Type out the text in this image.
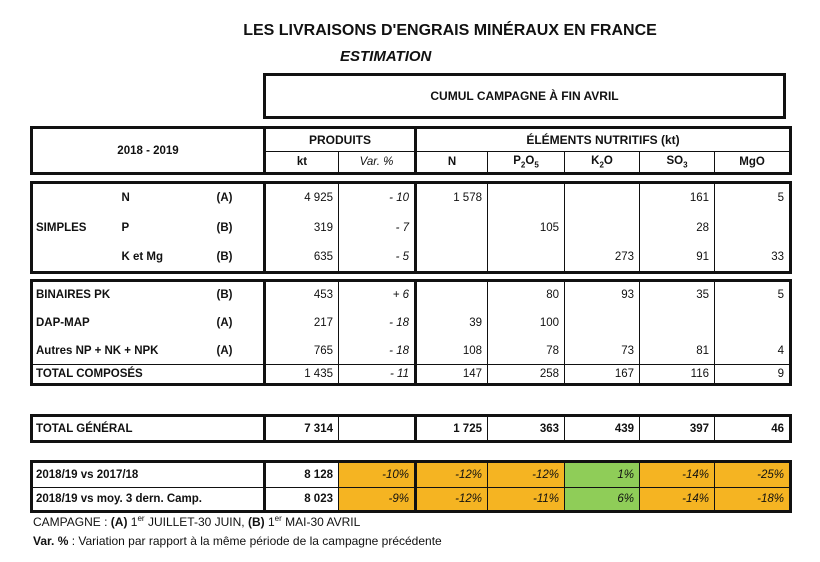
LES LIVRAISONS D'ENGRAIS MINÉRAUX EN FRANCE
ESTIMATION
CUMUL CAMPAGNE À FIN AVRIL
2018 - 2019	PRODUITS		ÉLÉMENTS NUTRITIFS (kt)				
	kt	Var. %	N	$P_2O_5$	$K_2O$	$SO_3$	MgO
SIMPLES	N	(A)	4 925	- 10	1 578			161	5
	P	(B)	319	- 7		105		28	
	K et Mg	(B)	635	- 5			273	91	33
BINAIRES PK	(B)	453	+ 6		80	93	35	5
DAP-MAP	(A)	217	- 18	39	100			
Autres NP + NK + NPK	(A)	765	- 18	108	78	73	81	4
TOTAL COMPOSÉS		1 435	- 11	147	258	167	116	9
TOTAL GÉNÉRAL	7 314		1 725	363	439	397	46
2018/19 vs 2017/18	8 128	-10%	-12%	-12%	1%	-14%	-25%
2018/19 vs moy. 3 dern. Camp.	8 023	-9%	-12%	-11%	6%	-14%	-18%
CAMPAGNE : (A) 1er JUILLET-30 JUIN, (B) 1er MAI-30 AVRIL
Var. % : Variation par rapport à la même période de la campagne précédente
